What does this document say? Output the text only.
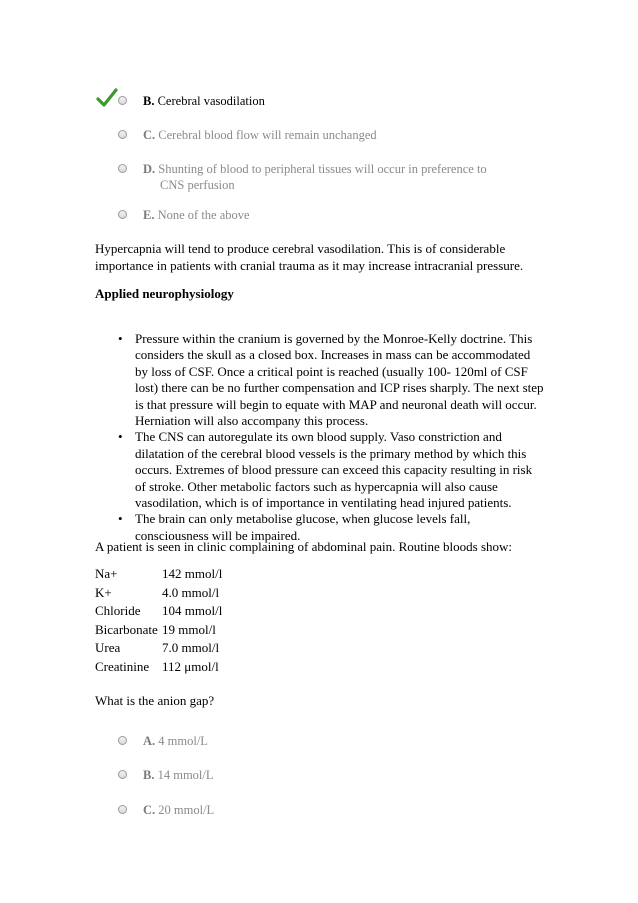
B. Cerebral vasodilation
C. Cerebral blood flow will remain unchanged
D. Shunting of blood to peripheral tissues will occur in preference to
CNS perfusion
E. None of the above
Hypercapnia will tend to produce cerebral vasodilation. This is of considerable importance in patients with cranial trauma as it may increase intracranial pressure.
Applied neurophysiology
• Pressure within the cranium is governed by the Monroe-Kelly doctrine. This considers the skull as a closed box. Increases in mass can be accommodated by loss of CSF. Once a critical point is reached (usually 100- 120ml of CSF lost) there can be no further compensation and ICP rises sharply. The next step is that pressure will begin to equate with MAP and neuronal death will occur. Herniation will also accompany this process.
• The CNS can autoregulate its own blood supply. Vaso constriction and dilatation of the cerebral blood vessels is the primary method by which this occurs. Extremes of blood pressure can exceed this capacity resulting in risk of stroke. Other metabolic factors such as hypercapnia will also cause vasodilation, which is of importance in ventilating head injured patients.
• The brain can only metabolise glucose, when glucose levels fall, consciousness will be impaired.
A patient is seen in clinic complaining of abdominal pain. Routine bloods show:
Na+	142 mmol/l
K+	4.0 mmol/l
Chloride	104 mmol/l
Bicarbonate	19 mmol/l
Urea	7.0 mmol/l
Creatinine	112 μmol/l
What is the anion gap?
A. 4 mmol/L
B. 14 mmol/L
C. 20 mmol/L
